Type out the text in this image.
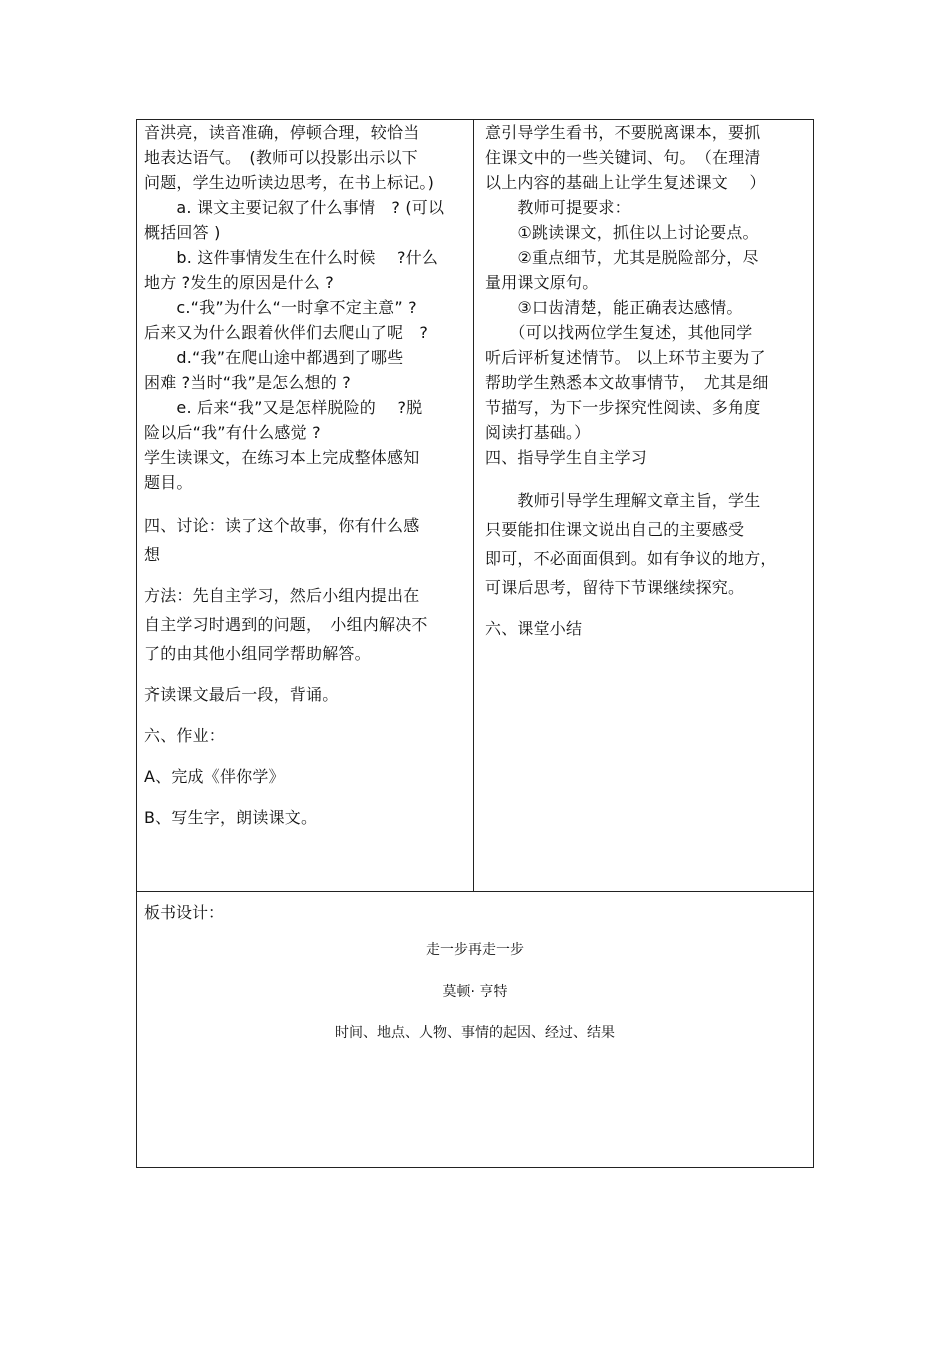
音洪亮，读音准确，停顿合理，较恰当

地表达语气。　(教师可以投影出示以下

问题，学生边听读边思考，在书上标记。)

　　a. 课文主要记叙了什么事情　? (可以

概括回答 )

　　b. 这件事情发生在什么时候　 ?什么

地方 ?发生的原因是什么 ?

　　c.“我”为什么“一时拿不定主意” ?

后来又为什么跟着伙伴们去爬山了呢　?

　　d.“我”在爬山途中都遇到了哪些

困难 ?当时“我”是怎么想的 ?

　　e. 后来“我”又是怎样脱险的　 ?脱

险以后“我”有什么感觉 ?

学生读课文，在练习本上完成整体感知

题目。

四、讨论：读了这个故事，你有什么感

想

方法：先自主学习，然后小组内提出在

自主学习时遇到的问题，　小组内解决不

了的由其他小组同学帮助解答。

齐读课文最后一段，背诵。

六、作业：

A、完成《伴你学》

B、写生字，朗读课文。

意引导学生看书，不要脱离课本，要抓

住课文中的一些关键词、句。　（在理清

以上内容的基础上让学生复述课文　 ）

　　教师可提要求：

　　①跳读课文，抓住以上讨论要点。

　　②重点细节，尤其是脱险部分，尽

量用课文原句。

　　③口齿清楚，能正确表达感情。

　　（可以找两位学生复述，其他同学

听后评析复述情节。 以上环节主要为了

帮助学生熟悉本文故事情节，　尤其是细

节描写，为下一步探究性阅读、多角度

阅读打基础。）

四、指导学生自主学习

　　教师引导学生理解文章主旨，学生

只要能扣住课文说出自己的主要感受

即可，不必面面俱到。如有争议的地方，

可课后思考，留待下节课继续探究。

六、课堂小结

板书设计：
走一步再走一步
莫顿· 亨特
时间、地点、人物、事情的起因、经过、结果
